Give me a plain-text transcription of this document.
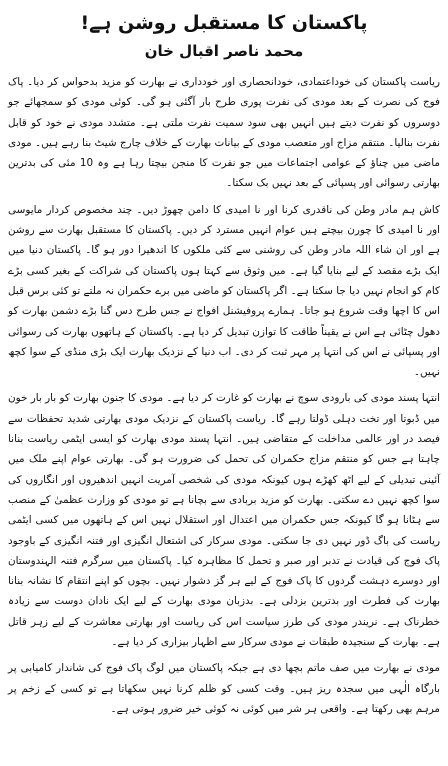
پاکستان کا مستقبل روشن ہے!
محمد ناصر اقبال خان

ریاست پاکستان کی خوداعتمادی، خودانحصاری اور خودداری نے بھارت کو مزید بدحواس کر دیا۔ پاک فوج کی نصرت کے بعد مودی کی نفرت پوری طرح بار آگئی ہو گی۔ کوئی مودی کو سمجھائے جو دوسروں کو نفرت دیتے ہیں انہیں بھی سود سمیت نفرت ملتی ہے۔ متشدد مودی نے خود کو قابل نفرت بنالیا۔ منتقم مزاج اور متعصب مودی کے بیانات بھارت کے خلاف چارج شیٹ بنا رہے ہیں۔ مودی ماضی میں چناؤ کے عوامی اجتماعات میں جو نفرت کا منجن بیچتا رہا ہے وہ 10 مئی کی بدترین بھارتی رسوائی اور پسپائی کے بعد نہیں بک سکتا۔

کاش ہم مادر وطن کی ناقدری کرنا اور نا امیدی کا دامن چھوڑ دیں۔ چند مخصوص کردار مایوسی اور نا امیدی کا چورن بیچتے ہیں عوام انہیں مسترد کر دیں۔ پاکستان کا مستقبل بھارت سے روشن ہے اور ان شاء اللہ مادر وطن کی روشنی سے کئی ملکوں کا اندھیرا دور ہو گا۔ پاکستان دنیا میں ایک بڑے مقصد کے لیے بنایا گیا ہے۔ میں وثوق سے کہتا ہوں پاکستان کی شراکت کے بغیر کسی بڑے کام کو انجام نہیں دیا جا سکتا ہے۔ اگر پاکستان کو ماضی میں برے حکمران نہ ملتے تو کئی برس قبل اس کا اچھا وقت شروع ہو جاتا۔ ہمارے پروفیشنل افواج نے جس طرح دس گنا بڑے دشمن بھارت کو دھول چٹائی ہے اس نے یقیناً طاقت کا توازن تبدیل کر دیا ہے۔ پاکستان کے ہاتھوں بھارت کی رسوائی اور پسپائی نے اس کی انتہا پر مہر ثبت کر دی۔ اب دنیا کے نزدیک بھارت ایک بڑی منڈی کے سوا کچھ نہیں۔

انتہا پسند مودی کی بارودی سوچ نے بھارت کو غارت کر دیا ہے۔ مودی کا جنون بھارت کو بار بار خون میں ڈبوتا اور تخت دہلی ڈولتا رہے گا۔ ریاست پاکستان کے نزدیک مودی بھارتی شدید تحفظات سے فیصد در اور عالمی مداخلت کے متقاضی ہیں۔ انتہا پسند مودی بھارت کو ایسی ایٹمی ریاست بنانا چاہتا ہے جس کو منتقم مزاج حکمران کی تحمل کی ضرورت ہو گی۔ بھارتی عوام اپنے ملک میں آئینی تبدیلی کے لیے اٹھ کھڑے ہوں کیونکہ مودی کی شخصی آمریت انہیں اندھیروں اور انگاروں کی سوا کچھ نہیں دے سکتی۔ بھارت کو مزید بربادی سے بچانا ہے تو مودی کو وزارت عظمیٰ کے منصب سے ہٹانا ہو گا کیونکہ جس حکمران میں اعتدال اور استقلال نہیں اس کے ہاتھوں میں کسی ایٹمی ریاست کی باگ ڈور نہیں دی جا سکتی۔ مودی سرکار کی اشتعال انگیزی اور فتنہ انگیزی کے باوجود پاک فوج کی قیادت نے تدبر اور صبر و تحمل کا مظاہرہ کیا۔ پاکستان میں سرگرم فتنہ الہندوستان اور دوسرے دہشت گردوں کا پاک فوج کے لیے ہر گز دشوار نہیں۔ بچوں کو اپنے انتقام کا نشانہ بنانا بھارت کی فطرت اور بدترین بزدلی ہے۔ بدزبان مودی بھارت کے لیے ایک نادان دوست سے زیادہ خطرناک ہے۔ نریندر مودی کی طرز سیاست اس کی ریاست اور بھارتی معاشرت کے لیے زہر قاتل ہے۔ بھارت کے سنجیدہ طبقات نے مودی سرکار سے اظہار بیزاری کر دیا ہے۔

مودی نے بھارت میں صف ماتم بچھا دی ہے جبکہ پاکستان میں لوگ پاک فوج کی شاندار کامیابی پر بارگاہ الٰہی میں سجدہ ریز ہیں۔ وقت کسی کو ظلم کرنا نہیں سکھاتا ہے تو کسی کے زخم پر مرہم بھی رکھتا ہے۔ واقعی ہر شر میں کوئی نہ کوئی خیر ضرور ہوتی ہے۔
